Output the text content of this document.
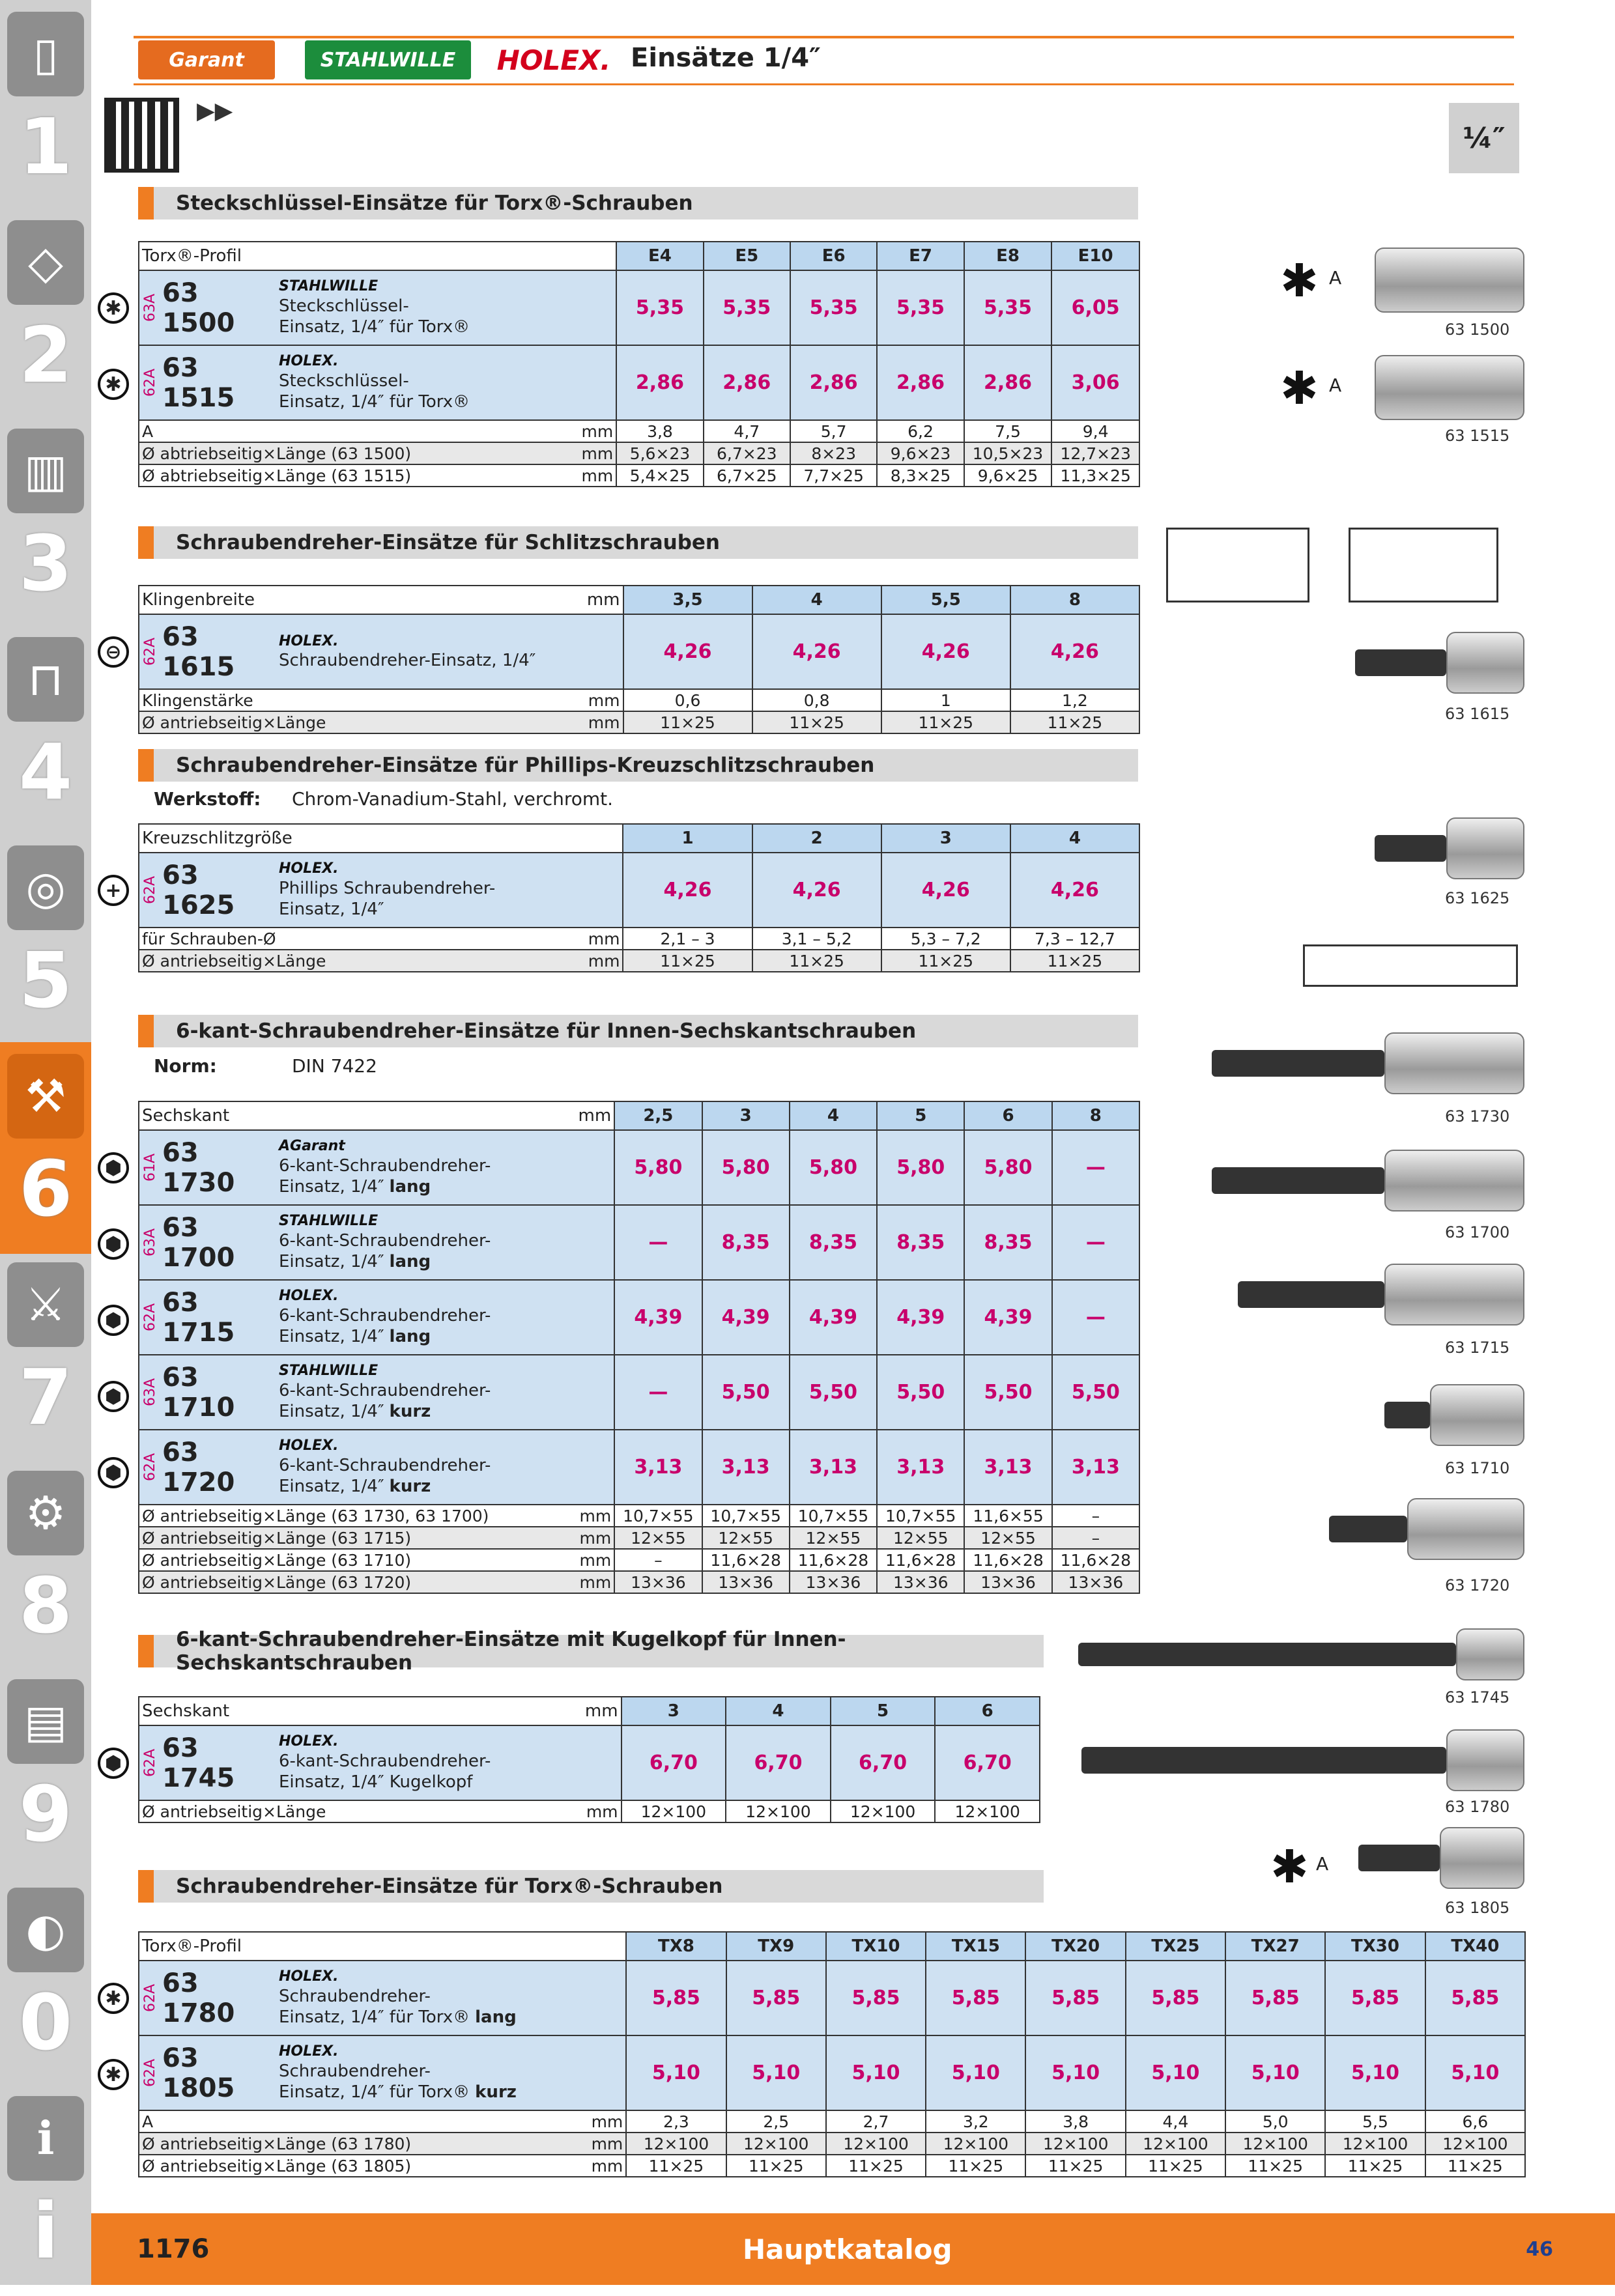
▯
1
◇
2
▥
3
⊓
4
◎
5
⚒
6
⚔
7
⚙
8
▤
9
◐
0
ℹ
i
Garant	STAHLWILLE	HOLEX. Einsätze 1/4″
▶▶
¼″
Steckschlüssel-Einsätze für Torx®-Schrauben
✱
✱
Torx®-Profil		E4	E5	E6	E7	E8	E10

63A 63 1500
STAHLWILLE
Steckschlüssel-
Einsatz, 1/4″ für Torx®		5,35	5,35	5,35	5,35	5,35	6,05

62A 63 1515
HOLEX.
Steckschlüssel-
Einsatz, 1/4″ für Torx®		2,86	2,86	2,86	2,86	2,86	3,06
A	mm	3,8	4,7	5,7	6,2	7,5	9,4
Ø abtriebseitig×Länge (63 1500)	mm	5,6×23	6,7×23	8×23	9,6×23	10,5×23	12,7×23
Ø abtriebseitig×Länge (63 1515)	mm	5,4×25	6,7×25	7,7×25	8,3×25	9,6×25	11,3×25
Schraubendreher-Einsätze für Schlitzschrauben
⊖
Klingenbreite	mm	3,5	4	5,5	8

62A 63 1615
HOLEX.
Schraubendreher-Einsatz, 1/4″		4,26	4,26	4,26	4,26
Klingenstärke	mm	0,6	0,8	1	1,2
Ø antriebseitig×Länge	mm	11×25	11×25	11×25	11×25
Schraubendreher-Einsätze für Phillips-Kreuzschlitzschrauben
Werkstoff: Chrom-Vanadium-Stahl, verchromt.
+
Kreuzschlitzgröße		1	2	3	4

62A 63 1625
HOLEX.
Phillips Schraubendreher-
Einsatz, 1/4″		4,26	4,26	4,26	4,26
für Schrauben-Ø	mm	2,1 – 3	3,1 – 5,2	5,3 – 7,2	7,3 – 12,7
Ø antriebseitig×Länge	mm	11×25	11×25	11×25	11×25
6-kant-Schraubendreher-Einsätze für Innen-Sechskantschrauben
Norm:	DIN 7422
⬢
⬢
⬢
⬢
⬢
Sechskant	mm	2,5	3	4	5	6	8

61A 63 1730
AGarant
6-kant-Schraubendreher-
Einsatz, 1/4″ lang		5,80	5,80	5,80	5,80	5,80	—

63A 63 1700
STAHLWILLE
6-kant-Schraubendreher-
Einsatz, 1/4″ lang		—	8,35	8,35	8,35	8,35	—

62A 63 1715
HOLEX.
6-kant-Schraubendreher-
Einsatz, 1/4″ lang		4,39	4,39	4,39	4,39	4,39	—

63A 63 1710
STAHLWILLE
6-kant-Schraubendreher-
Einsatz, 1/4″ kurz		—	5,50	5,50	5,50	5,50	5,50

62A 63 1720
HOLEX.
6-kant-Schraubendreher-
Einsatz, 1/4″ kurz		3,13	3,13	3,13	3,13	3,13	3,13
Ø antriebseitig×Länge (63 1730, 63 1700)	mm	10,7×55	10,7×55	10,7×55	10,7×55	11,6×55	–
Ø antriebseitig×Länge (63 1715)	mm	12×55	12×55	12×55	12×55	12×55	–
Ø antriebseitig×Länge (63 1710)	mm	–	11,6×28	11,6×28	11,6×28	11,6×28	11,6×28
Ø antriebseitig×Länge (63 1720)	mm	13×36	13×36	13×36	13×36	13×36	13×36
6-kant-Schraubendreher-Einsätze mit Kugelkopf für Innen-Sechskantschrauben
⬢
Sechskant	mm	3	4	5	6

62A 63 1745
HOLEX.
6-kant-Schraubendreher-
Einsatz, 1/4″ Kugelkopf		6,70	6,70	6,70	6,70
Ø antriebseitig×Länge	mm	12×100	12×100	12×100	12×100
Schraubendreher-Einsätze für Torx®-Schrauben
✱
✱
Torx®-Profil		TX8	TX9	TX10	TX15	TX20	TX25	TX27	TX30	TX40

62A 63 1780
HOLEX.
Schraubendreher-
Einsatz, 1/4″ für Torx® lang		5,85	5,85	5,85	5,85	5,85	5,85	5,85	5,85	5,85

62A 63 1805
HOLEX.
Schraubendreher-
Einsatz, 1/4″ für Torx® kurz		5,10	5,10	5,10	5,10	5,10	5,10	5,10	5,10	5,10
A	mm	2,3	2,5	2,7	3,2	3,8	4,4	5,0	5,5	6,6
Ø antriebseitig×Länge (63 1780)	mm	12×100	12×100	12×100	12×100	12×100	12×100	12×100	12×100	12×100
Ø antriebseitig×Länge (63 1805)	mm	11×25	11×25	11×25	11×25	11×25	11×25	11×25	11×25	11×25
✱ A
63 1500
✱ A
63 1515
63 1615
63 1625
63 1730
63 1700
63 1715
63 1710
63 1720
63 1745
63 1780
✱ A
63 1805
1176	Hauptkatalog	46
